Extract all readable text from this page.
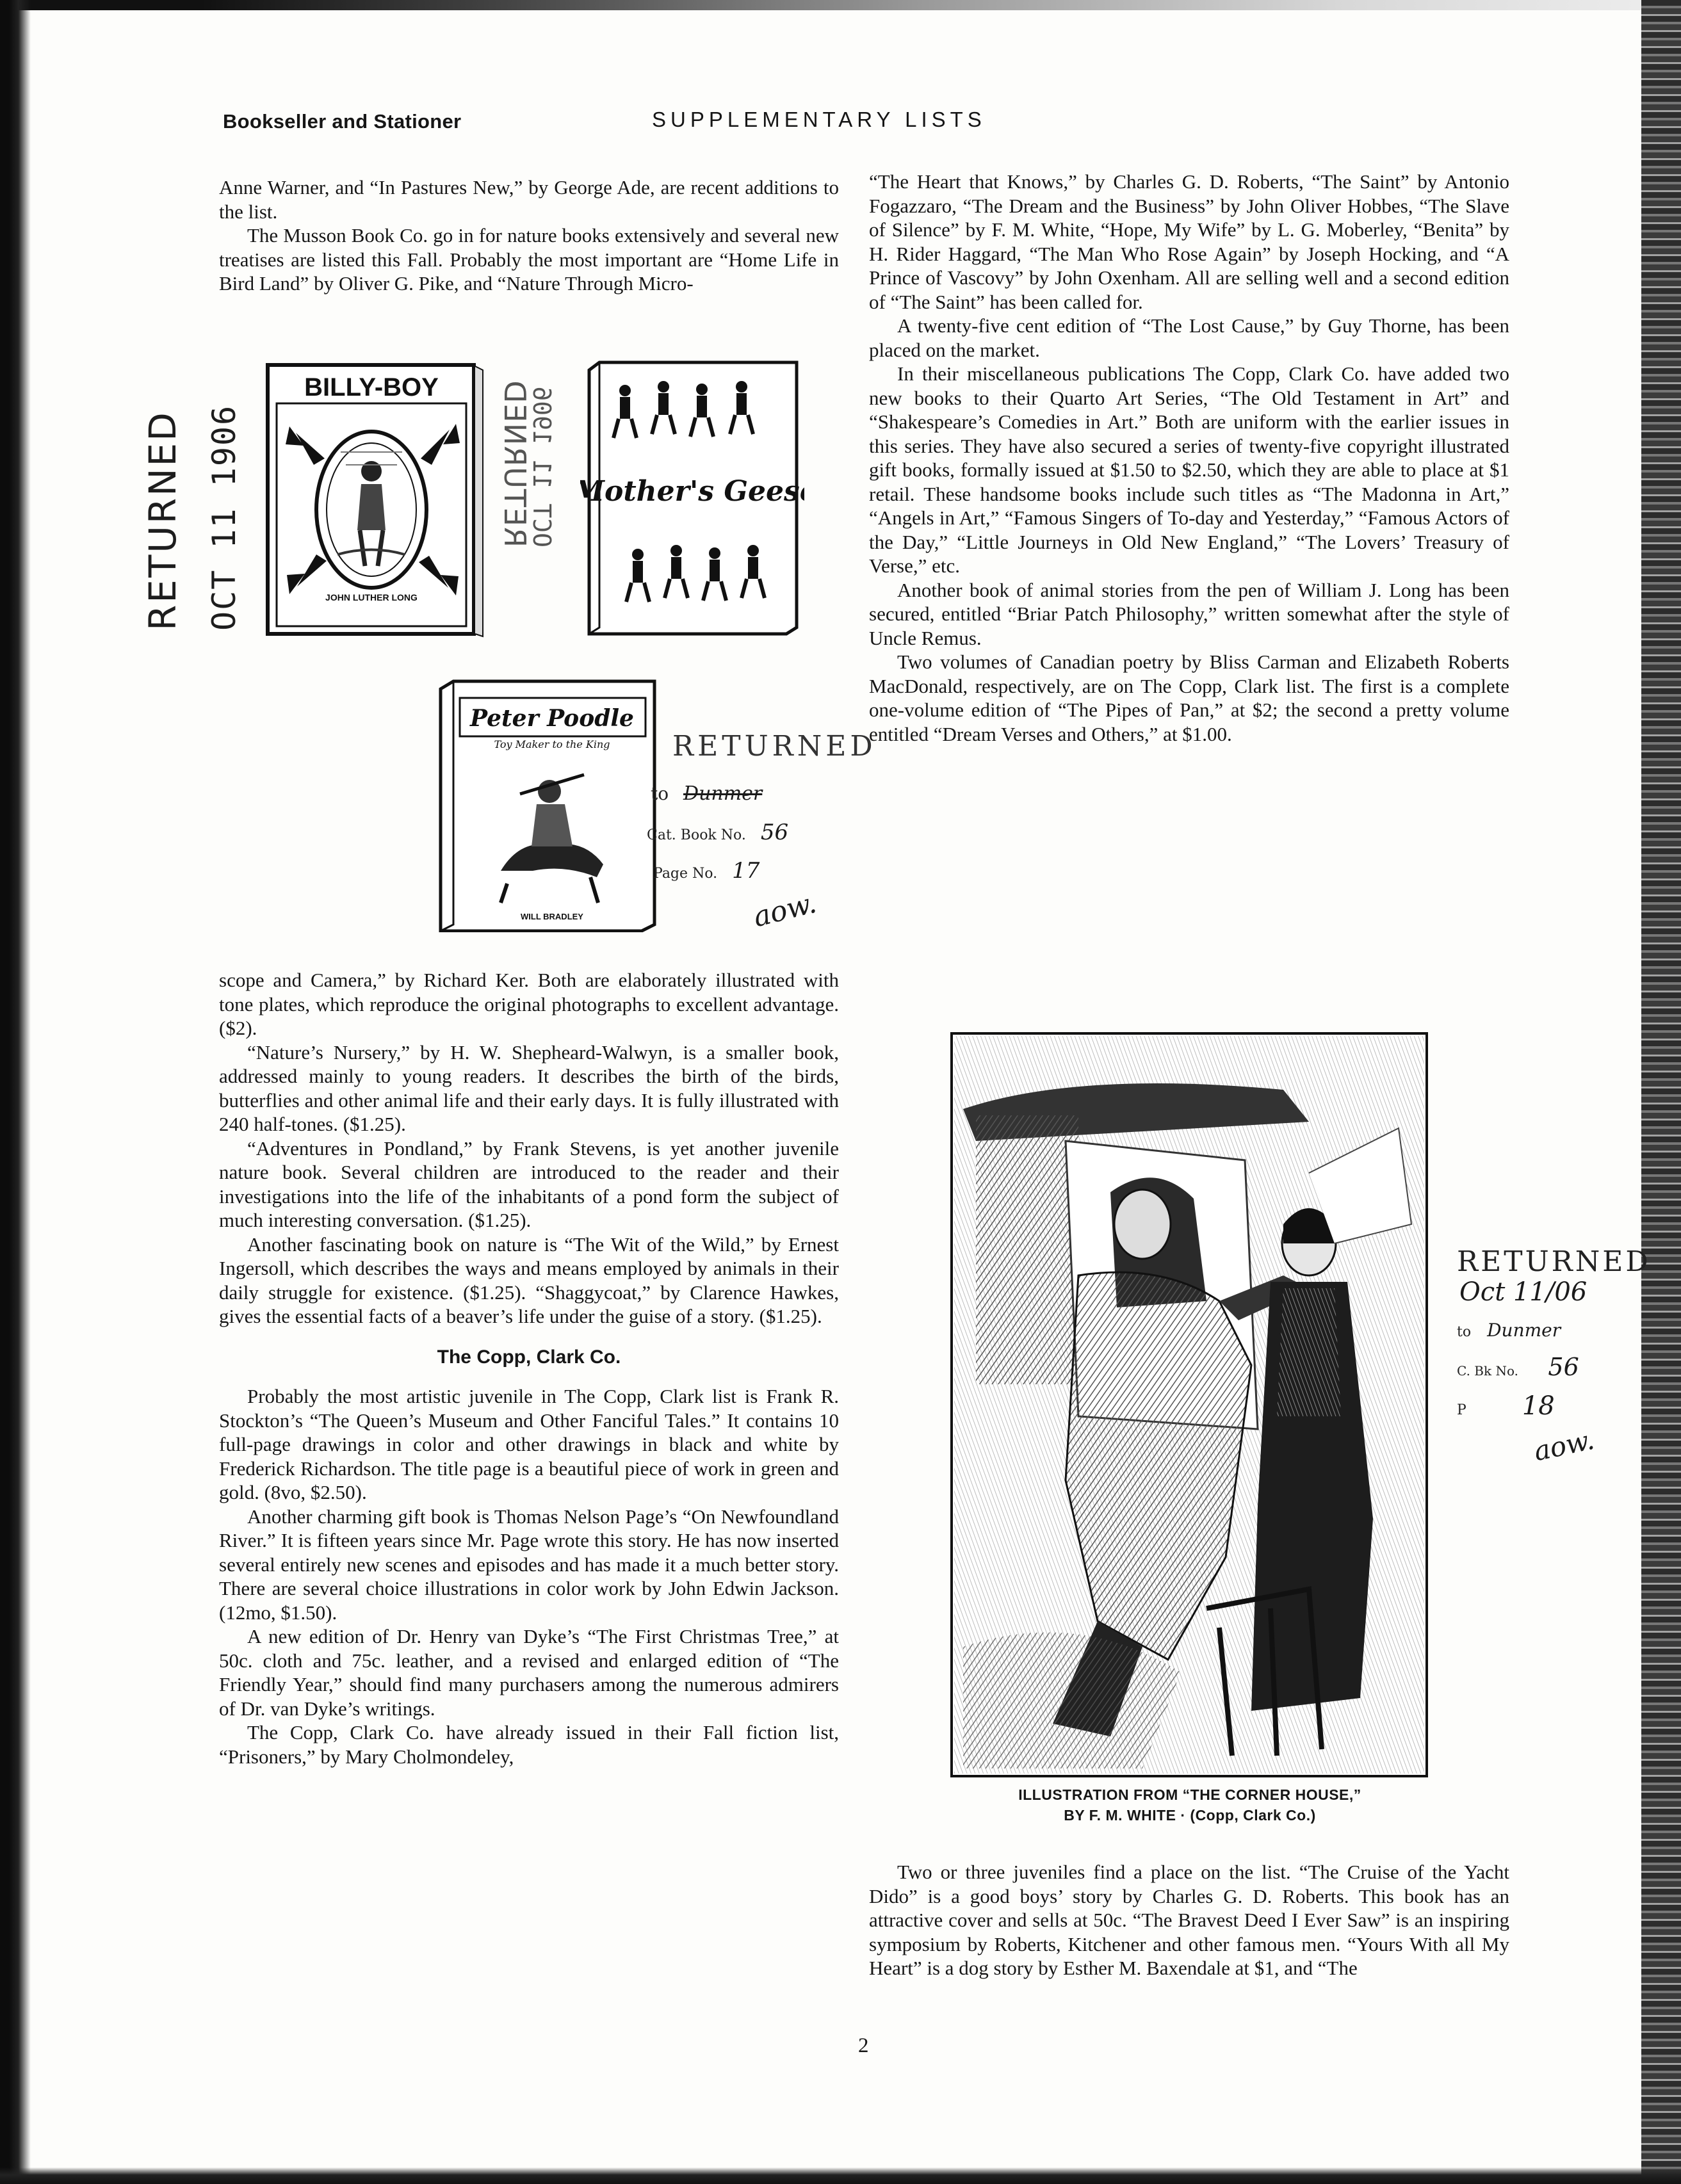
Bookseller and Stationer	SUPPLEMENTARY LISTS

Anne Warner, and “In Pastures New,” by George Ade, are recent additions to the list.

The Musson Book Co. go in for nature books extensively and several new treatises are listed this Fall. Probably the most important are “Home Life in Bird Land” by Oliver G. Pike, and “Nature Through Micro-

RETURNED OCT 11 1906
BILLY-BOY
JOHN LUTHER LONG
RETURNED
OCT 11 1906 Mother's Geese
Peter Poodle
Toy Maker to the King
WILL BRADLEY
RETURNED
to Dunmer
Cat. Book No. 56
Page No. 17
aow.

scope and Camera,” by Richard Ker. Both are elaborately illustrated with tone plates, which reproduce the original photographs to excellent advantage. ($2).

“Nature’s Nursery,” by H. W. Shepheard-Walwyn, is a smaller book, addressed mainly to young readers. It describes the birth of the birds, butterflies and other animal life and their early days. It is fully illustrated with 240 half-tones. ($1.25).

“Adventures in Pondland,” by Frank Stevens, is yet another juvenile nature book. Several children are introduced to the reader and their investigations into the life of the inhabitants of a pond form the subject of much interesting conversation. ($1.25).

Another fascinating book on nature is “The Wit of the Wild,” by Ernest Ingersoll, which describes the ways and means employed by animals in their daily struggle for existence. ($1.25). “Shaggycoat,” by Clarence Hawkes, gives the essential facts of a beaver’s life under the guise of a story. ($1.25).

The Copp, Clark Co.

Probably the most artistic juvenile in The Copp, Clark list is Frank R. Stockton’s “The Queen’s Museum and Other Fanciful Tales.” It contains 10 full-page drawings in color and other drawings in black and white by Frederick Richardson. The title page is a beautiful piece of work in green and gold. (8vo, $2.50).

Another charming gift book is Thomas Nelson Page’s “On Newfoundland River.” It is fifteen years since Mr. Page wrote this story. He has now inserted several entirely new scenes and episodes and has made it a much better story. There are several choice illustrations in color work by John Edwin Jackson. (12mo, $1.50).

A new edition of Dr. Henry van Dyke’s “The First Christmas Tree,” at 50c. cloth and 75c. leather, and a revised and enlarged edition of “The Friendly Year,” should find many purchasers among the numerous admirers of Dr. van Dyke’s writings.

The Copp, Clark Co. have already issued in their Fall fiction list, “Prisoners,” by Mary Cholmondeley,

“The Heart that Knows,” by Charles G. D. Roberts, “The Saint” by Antonio Fogazzaro, “The Dream and the Business” by John Oliver Hobbes, “The Slave of Silence” by F. M. White, “Hope, My Wife” by L. G. Moberley, “Benita” by H. Rider Haggard, “The Man Who Rose Again” by Joseph Hocking, and “A Prince of Vascovy” by John Oxenham. All are selling well and a second edition of “The Saint” has been called for.

A twenty-five cent edition of “The Lost Cause,” by Guy Thorne, has been placed on the market.

In their miscellaneous publications The Copp, Clark Co. have added two new books to their Quarto Art Series, “The Old Testament in Art” and “Shakespeare’s Comedies in Art.” Both are uniform with the earlier issues in this series. They have also secured a series of twenty-five copyright illustrated gift books, formally issued at $1.50 to $2.50, which they are able to place at $1 retail. These handsome books include such titles as “The Madonna in Art,” “Angels in Art,” “Famous Singers of To-day and Yesterday,” “Famous Actors of the Day,” “Little Journeys in Old New England,” “The Lovers’ Treasury of Verse,” etc.

Another book of animal stories from the pen of William J. Long has been secured, entitled “Briar Patch Philosophy,” written somewhat after the style of Uncle Remus.

Two volumes of Canadian poetry by Bliss Carman and Elizabeth Roberts MacDonald, respectively, are on The Copp, Clark list. The first is a complete one-volume edition of “The Pipes of Pan,” at $2; the second a pretty volume entitled “Dream Verses and Others,” at $1.00.

ILLUSTRATION FROM “THE CORNER HOUSE,”
BY F. M. WHITE · (Copp, Clark Co.)
RETURNED
Oct 11/06
to Dunmer
C. Bk No. 56
P 18
aow.

Two or three juveniles find a place on the list. “The Cruise of the Yacht Dido” is a good boys’ story by Charles G. D. Roberts. This book has an attractive cover and sells at 50c. “The Bravest Deed I Ever Saw” is an inspiring symposium by Roberts, Kitchener and other famous men. “Yours With all My Heart” is a dog story by Esther M. Baxendale at $1, and “The

2
